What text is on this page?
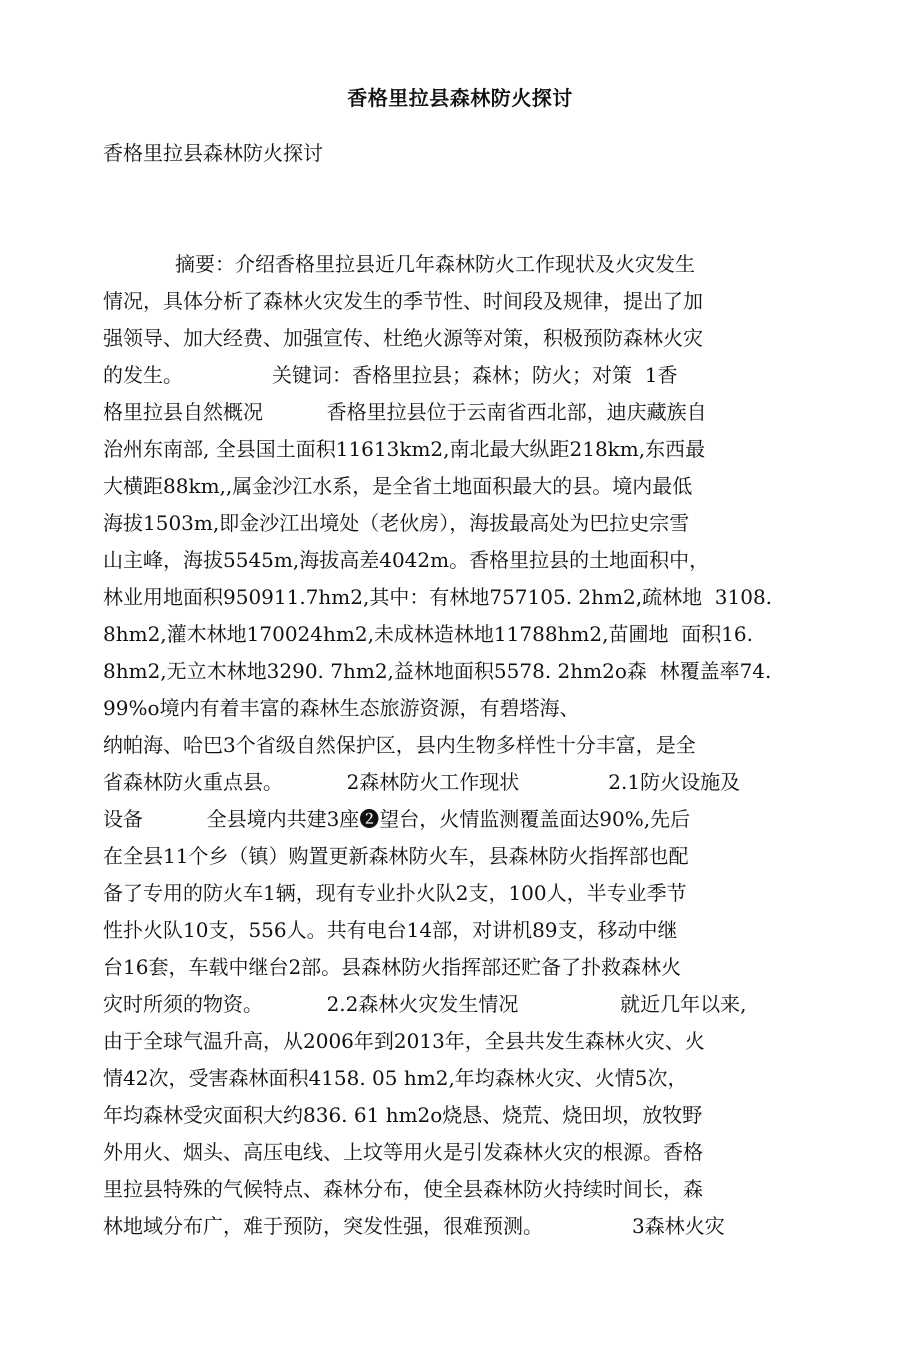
香格里拉县森林防火探讨
香格里拉县森林防火探讨
摘要：介绍香格里拉县近几年森林防火工作现状及火灾发生
情况，具体分析了森林火灾发生的季节性、时间段及规律，提出了加
强领导、加大经费、加强宣传、杜绝火源等对策，积极预防森林火灾
的发生。              关键词：香格里拉县；森林；防火；对策  1香
格里拉县自然概况          香格里拉县位于云南省西北部，迪庆藏族自
治州东南部, 全县国土面积11613km2,南北最大纵距218km,东西最
大横距88km,,属金沙江水系，是全省土地面积最大的县。境内最低
海拔1503m,即金沙江出境处（老伙房），海拔最高处为巴拉史宗雪
山主峰，海拔5545m,海拔高差4042m。香格里拉县的土地面积中，
林业用地面积950911.7hm2,其中：有林地757105. 2hm2,疏林地  3108.
8hm2,灌木林地170024hm2,未成林造林地11788hm2,苗圃地  面积16.
8hm2,无立木林地3290. 7hm2,益林地面积5578. 2hm2o森  林覆盖率74.
99%o境内有着丰富的森林生态旅游资源，有碧塔海、
纳帕海、哈巴3个省级自然保护区，县内生物多样性十分丰富，是全
省森林防火重点县。          2森林防火工作现状              2.1防火设施及
设备          全县境内共建3座❷望台，火情监测覆盖面达90%,先后
在全县11个乡（镇）购置更新森林防火车，县森林防火指挥部也配
备了专用的防火车1辆，现有专业扑火队2支，100人，半专业季节
性扑火队10支，556人。共有电台14部，对讲机89支，移动中继
台16套，车载中继台2部。县森林防火指挥部还贮备了扑救森林火
灾时所须的物资。          2.2森林火灾发生情况                就近几年以来,
由于全球气温升高，从2006年到2013年，全县共发生森林火灾、火
情42次，受害森林面积4158. 05 hm2,年均森林火灾、火情5次，
年均森林受灾面积大约836. 61 hm2o烧恳、烧荒、烧田坝，放牧野
外用火、烟头、高压电线、上坟等用火是引发森林火灾的根源。香格
里拉县特殊的气候特点、森林分布，使全县森林防火持续时间长，森
林地域分布广，难于预防，突发性强，很难预测。              3森林火灾
